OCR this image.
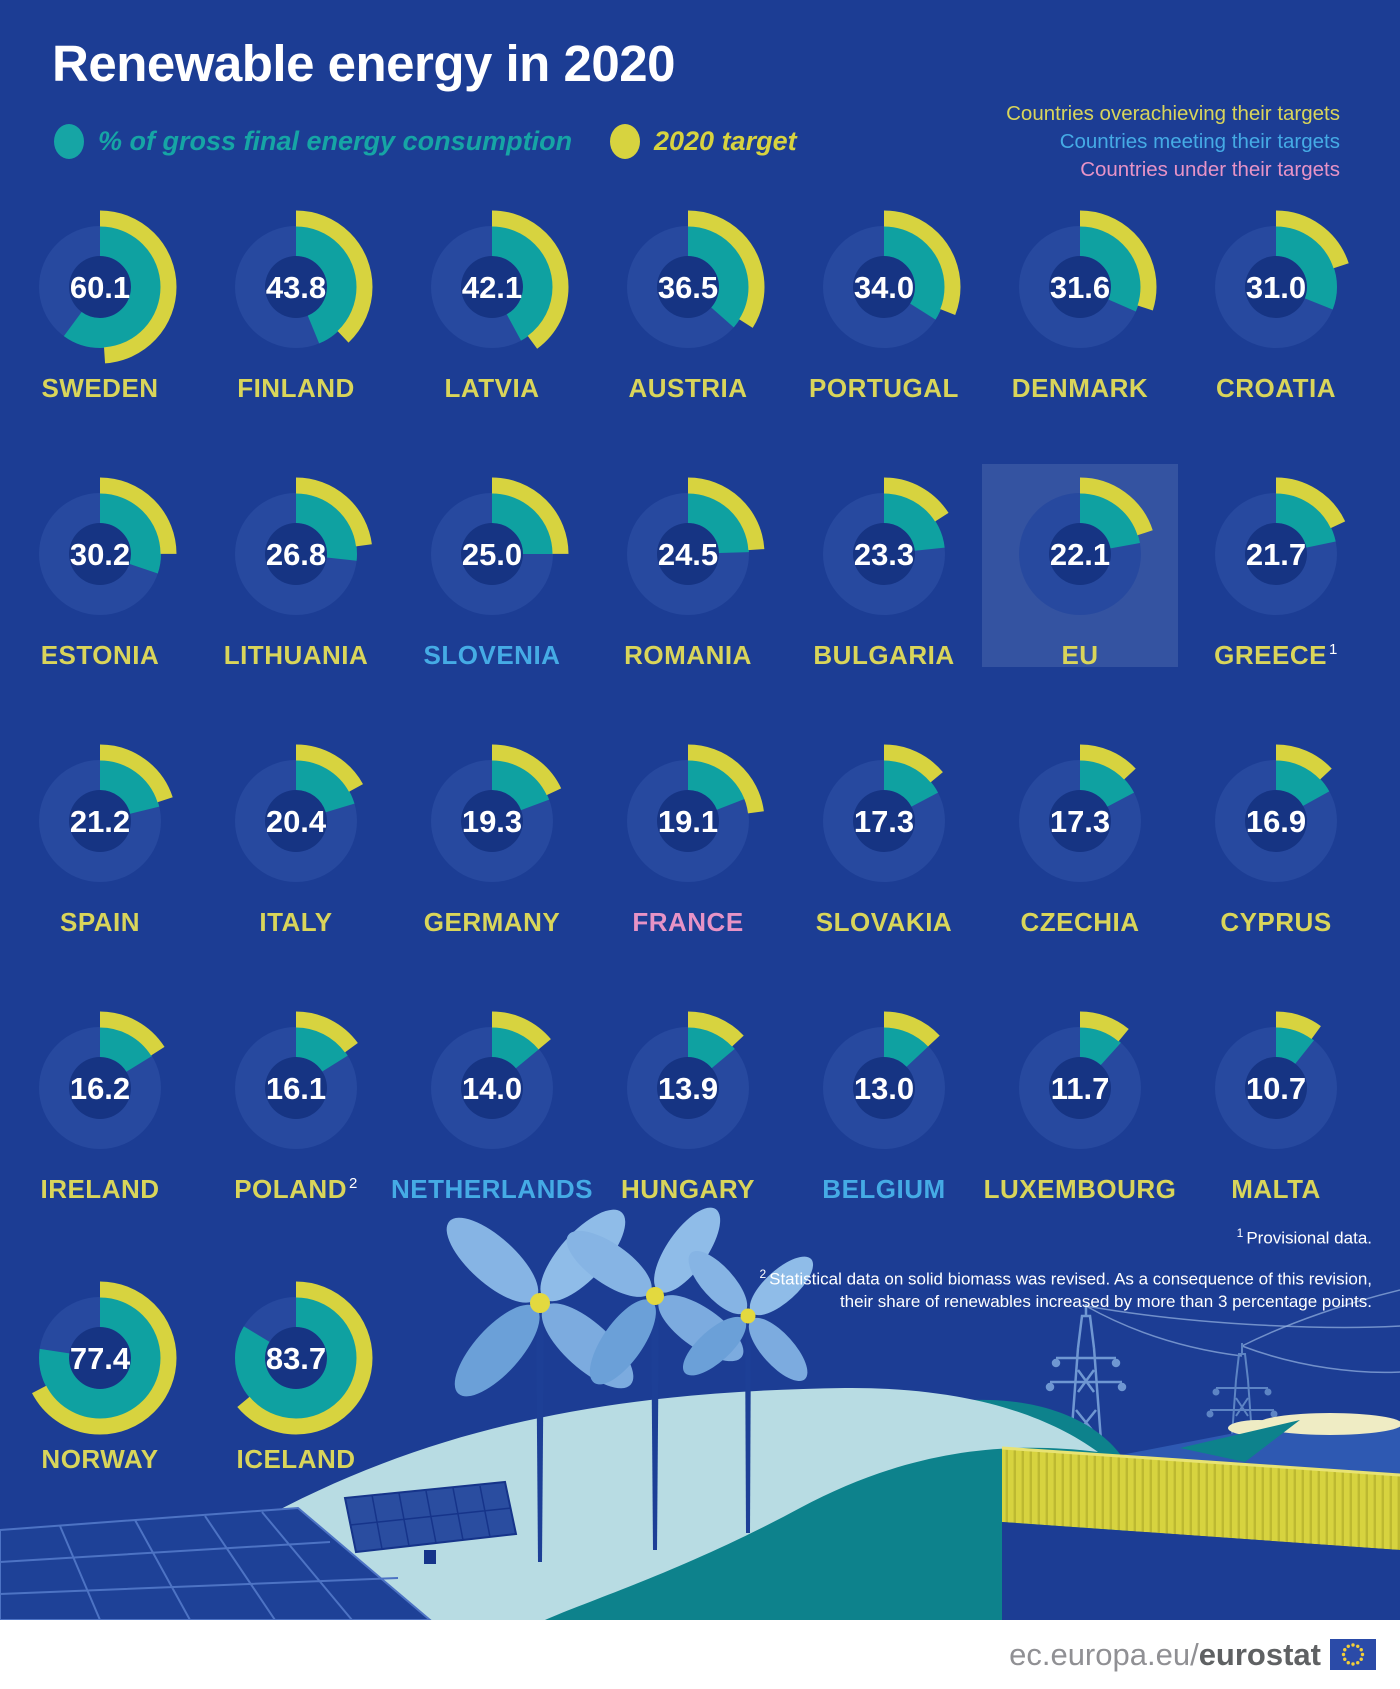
Renewable energy in 2020
% of gross final energy consumption	2020 target
Countries overachieving their targets
Countries meeting their targets
Countries under their targets
60.1
SWEDEN
43.8
FINLAND
42.1
LATVIA
36.5
AUSTRIA
34.0
PORTUGAL
31.6
DENMARK
31.0
CROATIA
30.2
ESTONIA
26.8
LITHUANIA
25.0
SLOVENIA
24.5
ROMANIA
23.3
BULGARIA
22.1
EU
21.7
GREECE $^1$
21.2
SPAIN
20.4
ITALY
19.3
GERMANY
19.1
FRANCE
17.3
SLOVAKIA
17.3
CZECHIA
16.9
CYPRUS
16.2
IRELAND
16.1
POLAND $^2$
14.0
NETHERLANDS
13.9
HUNGARY
13.0
BELGIUM
11.7
LUXEMBOURG
10.7
MALTA
77.4
NORWAY
83.7
ICELAND
$^1$ Provisional data.
$^2$ Statistical data on solid biomass was revised. As a consequence of this revision,
their share of renewables increased by more than 3 percentage points.
ec.europa.eu/eurostat
